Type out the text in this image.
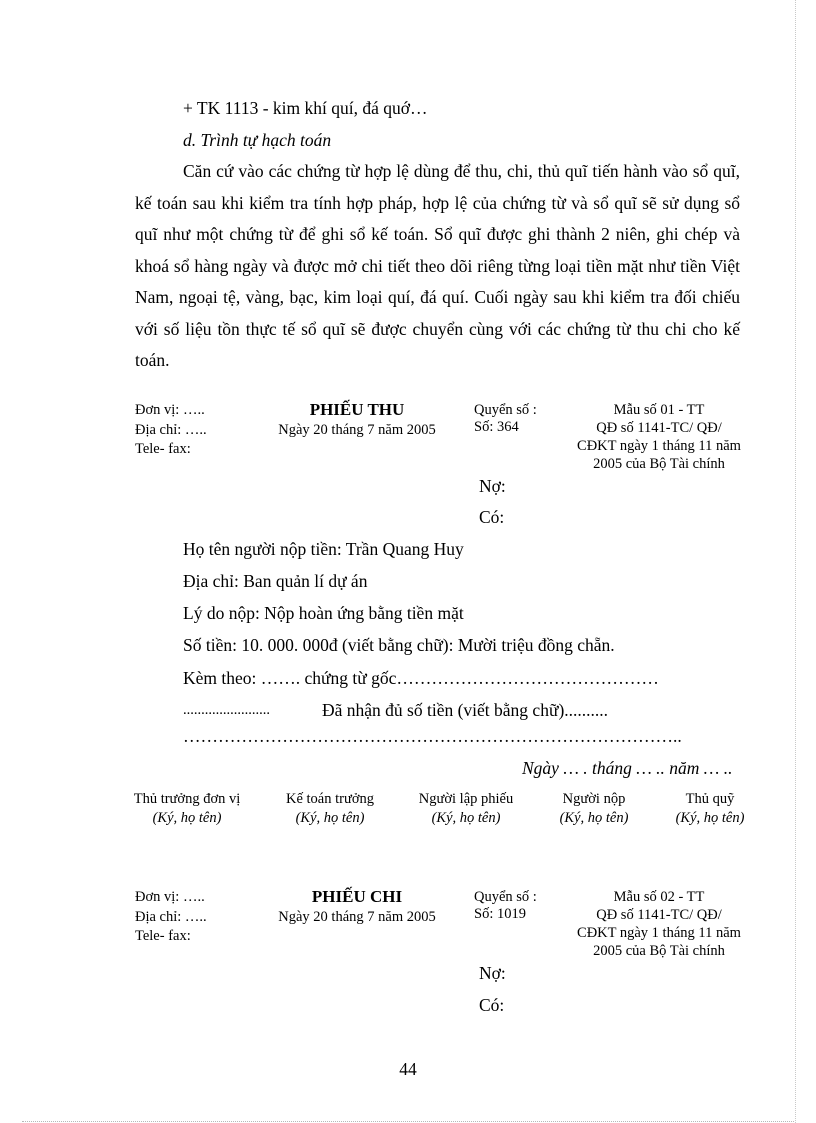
+ TK 1113 - kim khí quí, đá quớ…
d. Trình tự hạch toán
Căn cứ vào các chứng từ hợp lệ dùng để thu, chi, thủ quĩ tiến hành vào sổ quĩ, kế toán sau khi kiểm tra tính hợp pháp, hợp lệ của chứng từ và sổ quĩ sẽ sử dụng sổ quĩ như một chứng từ để ghi sổ kế toán. Sổ quĩ được ghi thành 2 niên, ghi chép và khoá sổ hàng ngày và được mở chi tiết theo dõi riêng từng loại tiền mặt như tiền Việt Nam, ngoại tệ, vàng, bạc, kim loại quí, đá quí. Cuối ngày sau khi kiểm tra đối chiếu với số liệu tồn thực tế sổ quĩ sẽ được chuyển cùng với các chứng từ thu chi cho kế toán.
Đơn vị: …..
Địa chỉ: …..
Tele- fax:
PHIẾU THU
Ngày 20 tháng 7 năm 2005
Quyển số :
Số: 364
Mẫu số 01 - TT
QĐ số 1141-TC/ QĐ/
CĐKT ngày 1 tháng 11 năm
2005 của Bộ Tài chính
Nợ:
Có:
Họ tên người nộp tiền: Trần Quang Huy
Địa chỉ: Ban quản lí dự án
Lý do nộp: Nộp hoàn ứng bằng tiền mặt
Số tiền: 10. 000. 000đ (viết bằng chữ): Mười triệu đồng chẵn.
Kèm theo: ……. chứng từ gốc………………………………………
........................	Đã nhận đủ số tiền (viết bằng chữ)..........
…………………………………………………………………………..
Ngày … . tháng … .. năm … ..
Thủ trưởng đơn vị
(Ký, họ tên)
Kế toán trưởng
(Ký, họ tên)
Người lập phiếu
(Ký, họ tên)
Người nộp
(Ký, họ tên)
Thủ quỹ
(Ký, họ tên)
Đơn vị: …..
Địa chỉ: …..
Tele- fax:
PHIẾU CHI
Ngày 20 tháng 7 năm 2005
Quyển số :
Số: 1019
Mẫu số 02 - TT
QĐ số 1141-TC/ QĐ/
CĐKT ngày 1 tháng 11 năm
2005 của Bộ Tài chính
Nợ:
Có:
44
